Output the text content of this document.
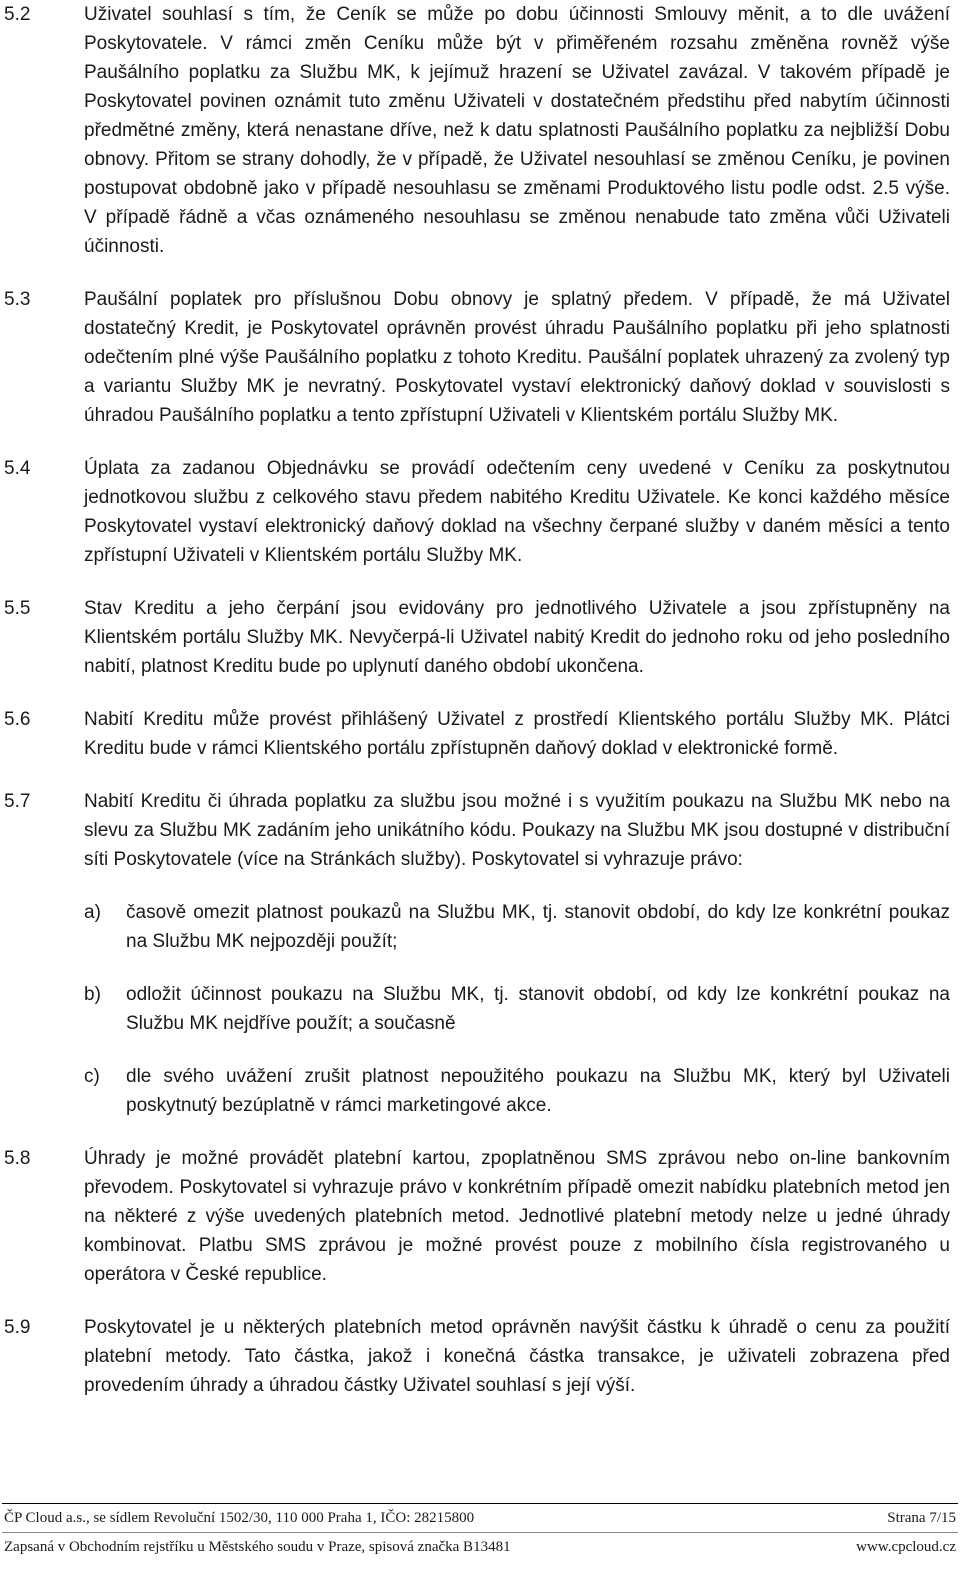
5.2	Uživatel souhlasí s tím, že Ceník se může po dobu účinnosti Smlouvy měnit, a to dle uvážení Poskytovatele. V rámci změn Ceníku může být v přiměřeném rozsahu změněna rovněž výše Paušálního poplatku za Službu MK, k jejímuž hrazení se Uživatel zavázal. V takovém případě je Poskytovatel povinen oznámit tuto změnu Uživateli v dostatečném předstihu před nabytím účinnosti předmětné změny, která nenastane dříve, než k datu splatnosti Paušálního poplatku za nejbližší Dobu obnovy. Přitom se strany dohodly, že v případě, že Uživatel nesouhlasí se změnou Ceníku, je povinen postupovat obdobně jako v případě nesouhlasu se změnami Produktového listu podle odst. 2.5 výše. V případě řádně a včas oznámeného nesouhlasu se změnou nenabude tato změna vůči Uživateli účinnosti.

5.3	Paušální poplatek pro příslušnou Dobu obnovy je splatný předem. V případě, že má Uživatel dostatečný Kredit, je Poskytovatel oprávněn provést úhradu Paušálního poplatku při jeho splatnosti odečtením plné výše Paušálního poplatku z tohoto Kreditu. Paušální poplatek uhrazený za zvolený typ a variantu Služby MK je nevratný. Poskytovatel vystaví elektronický daňový doklad v souvislosti s úhradou Paušálního poplatku a tento zpřístupní Uživateli v Klientském portálu Služby MK.

5.4	Úplata za zadanou Objednávku se provádí odečtením ceny uvedené v Ceníku za poskytnutou jednotkovou službu z celkového stavu předem nabitého Kreditu Uživatele. Ke konci každého měsíce Poskytovatel vystaví elektronický daňový doklad na všechny čerpané služby v daném měsíci a tento zpřístupní Uživateli v Klientském portálu Služby MK.

5.5	Stav Kreditu a jeho čerpání jsou evidovány pro jednotlivého Uživatele a jsou zpřístupněny na Klientském portálu Služby MK. Nevyčerpá-li Uživatel nabitý Kredit do jednoho roku od jeho posledního nabití, platnost Kreditu bude po uplynutí daného období ukončena.

5.6	Nabití Kreditu může provést přihlášený Uživatel z prostředí Klientského portálu Služby MK. Plátci Kreditu bude v rámci Klientského portálu zpřístupněn daňový doklad v elektronické formě.

5.7	Nabití Kreditu či úhrada poplatku za službu jsou možné i s využitím poukazu na Službu MK nebo na slevu za Službu MK zadáním jeho unikátního kódu. Poukazy na Službu MK jsou dostupné v distribuční síti Poskytovatele (více na Stránkách služby). Poskytovatel si vyhrazuje právo:

a)	časově omezit platnost poukazů na Službu MK, tj. stanovit období, do kdy lze konkrétní poukaz na Službu MK nejpozději použít;
b)	odložit účinnost poukazu na Službu MK, tj. stanovit období, od kdy lze konkrétní poukaz na Službu MK nejdříve použít; a současně
c)	dle svého uvážení zrušit platnost nepoužitého poukazu na Službu MK, který byl Uživateli poskytnutý bezúplatně v rámci marketingové akce.
5.8	Úhrady je možné provádět platební kartou, zpoplatněnou SMS zprávou nebo on-line bankovním převodem. Poskytovatel si vyhrazuje právo v konkrétním případě omezit nabídku platebních metod jen na některé z výše uvedených platebních metod. Jednotlivé platební metody nelze u jedné úhrady kombinovat. Platbu SMS zprávou je možné provést pouze z mobilního čísla registrovaného u operátora v České republice.

5.9	Poskytovatel je u některých platebních metod oprávněn navýšit částku k úhradě o cenu za použití platební metody. Tato částka, jakož i konečná částka transakce, je uživateli zobrazena před provedením úhrady a úhradou částky Uživatel souhlasí s její výší.

ČP Cloud a.s., se sídlem Revoluční 1502/30, 110 000 Praha 1, IČO: 28215800	Strana 7/15
Zapsaná v Obchodním rejstříku u Městského soudu v Praze, spisová značka B13481	www.cpcloud.cz
